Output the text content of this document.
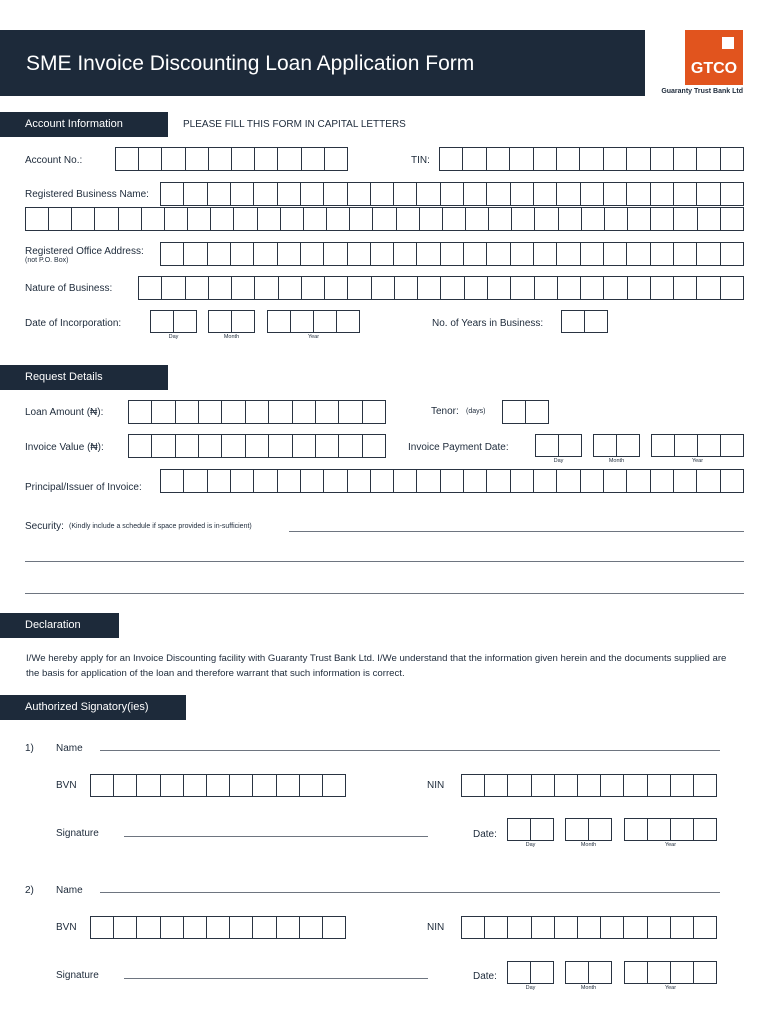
SME Invoice Discounting Loan Application Form	GTCO
Guaranty Trust Bank Ltd
Account Information	PLEASE FILL THIS FORM IN CAPITAL LETTERS
Account No.:	TIN:
Registered Business Name:
Registered Office Address:
(not P.O. Box)
Nature of Business:
Date of Incorporation:
Day	Month	Year
No. of Years in Business:
Request Details
Loan Amount (₦):	Tenor: (days)
Invoice Value (₦):	Invoice Payment Date:
Day	Month	Year
Principal/Issuer of Invoice:
Security: (Kindly include a schedule if space provided is in-sufficient)
Declaration
I/We hereby apply for an Invoice Discounting facility with Guaranty Trust Bank Ltd. I/We understand that the information given herein and the documents supplied are the basis for application of the loan and therefore warrant that such information is correct.
Authorized Signatory(ies)
1) Name
BVN	NIN
Signature	Date:
Day	Month	Year
2) Name
BVN	NIN
Signature	Date:
Day	Month	Year
